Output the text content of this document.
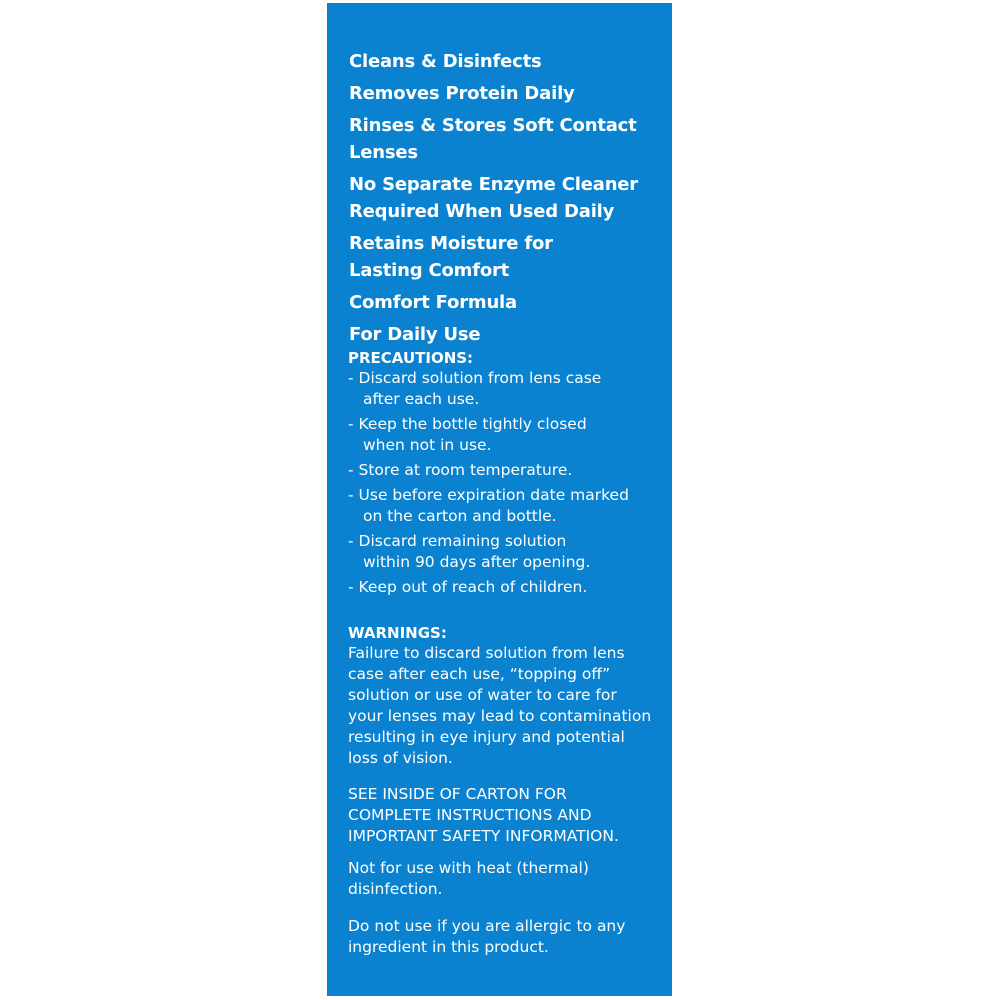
Cleans & Disinfects
Removes Protein Daily
Rinses & Stores Soft Contact Lenses
No Separate Enzyme Cleaner
Required When Used Daily
Retains Moisture for
Lasting Comfort
Comfort Formula
For Daily Use

PRECAUTIONS:

- Discard solution from lens case
after each use.
- Keep the bottle tightly closed
when not in use.
- Store at room temperature.
- Use before expiration date marked
on the carton and bottle.
- Discard remaining solution
within 90 days after opening.
- Keep out of reach of children.

WARNINGS:

Failure to discard solution from lens
case after each use, “topping off”
solution or use of water to care for
your lenses may lead to contamination
resulting in eye injury and potential
loss of vision.

SEE INSIDE OF CARTON FOR
COMPLETE INSTRUCTIONS AND
IMPORTANT SAFETY INFORMATION.

Not for use with heat (thermal)
disinfection.

Do not use if you are allergic to any
ingredient in this product.
